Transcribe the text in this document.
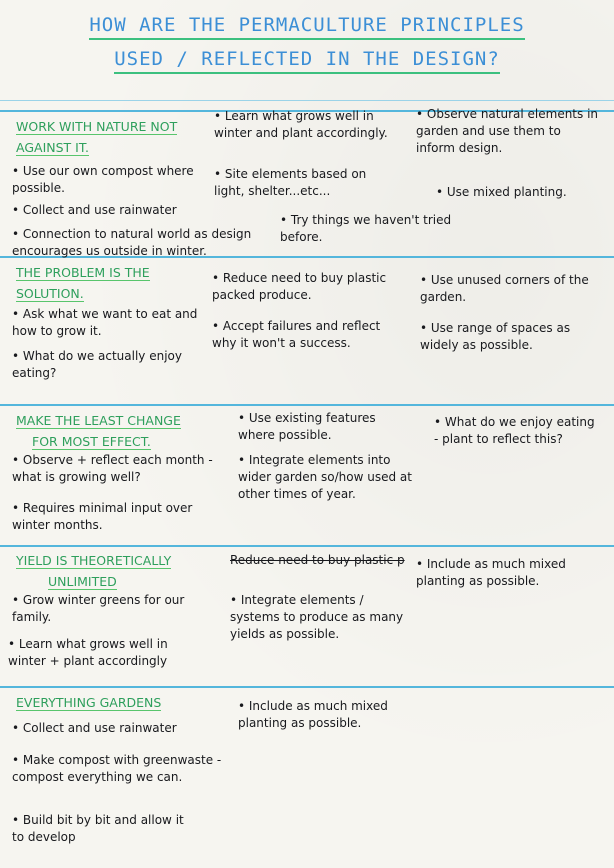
HOW ARE THE PERMACULTURE PRINCIPLES
USED / REFLECTED IN THE DESIGN?
WORK WITH NATURE NOT
AGAINST IT.
• Use our own compost where possible.
• Collect and use rainwater
• Connection to natural world as design encourages us outside in winter.
• Learn what grows well in winter and plant accordingly.
• Site elements based on light, shelter...etc...
• Try things we haven't tried before.
• Observe natural elements in garden and use them to inform design.
• Use mixed planting.
THE PROBLEM IS THE
SOLUTION.
• Ask what we want to eat and how to grow it.
• What do we actually enjoy eating?
• Reduce need to buy plastic packed produce.
• Accept failures and reflect why it won't a success.
• Use unused corners of the garden.
• Use range of spaces as widely as possible.
MAKE THE LEAST CHANGE
FOR MOST EFFECT.
• Observe + reflect each month - what is growing well?
• Requires minimal input over winter months.
• Use existing features where possible.
• Integrate elements into wider garden so/how used at other times of year.
• What do we enjoy eating - plant to reflect this?
YIELD IS THEORETICALLY
UNLIMITED
• Grow winter greens for our family.
• Learn what grows well in winter + plant accordingly
Reduce need to buy plastic p
• Integrate elements / systems to produce as many yields as possible.
• Include as much mixed planting as possible.
EVERYTHING GARDENS
• Collect and use rainwater
• Make compost with greenwaste - compost everything we can.
• Build bit by bit and allow it to develop
• Include as much mixed planting as possible.
